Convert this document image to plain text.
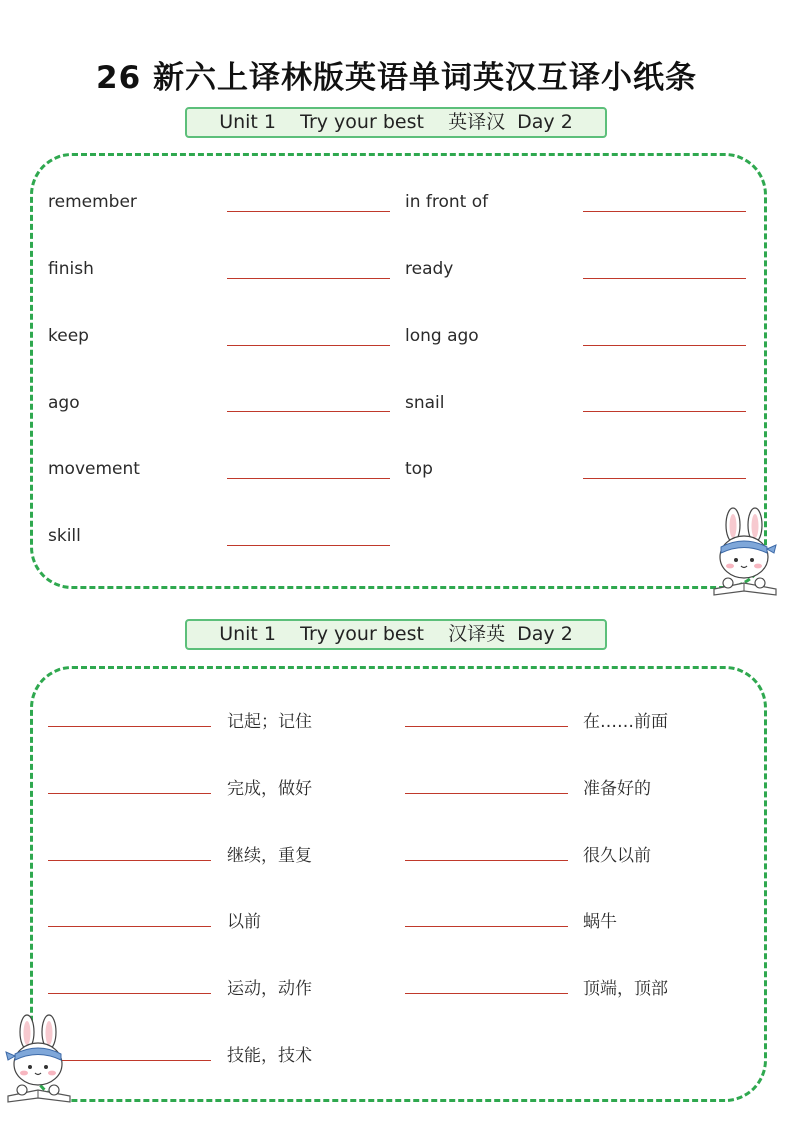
26 新六上译林版英语单词英汉互译小纸条
Unit 1    Try your best    英译汉  Day 2
remember	in front of
finish	ready
keep	long ago
ago	snail
movement	top
skill
Unit 1    Try your best    汉译英  Day 2
记起；记住	在……前面
完成，做好	准备好的
继续，重复	很久以前
以前	蜗牛
运动，动作	顶端，顶部
技能，技术
